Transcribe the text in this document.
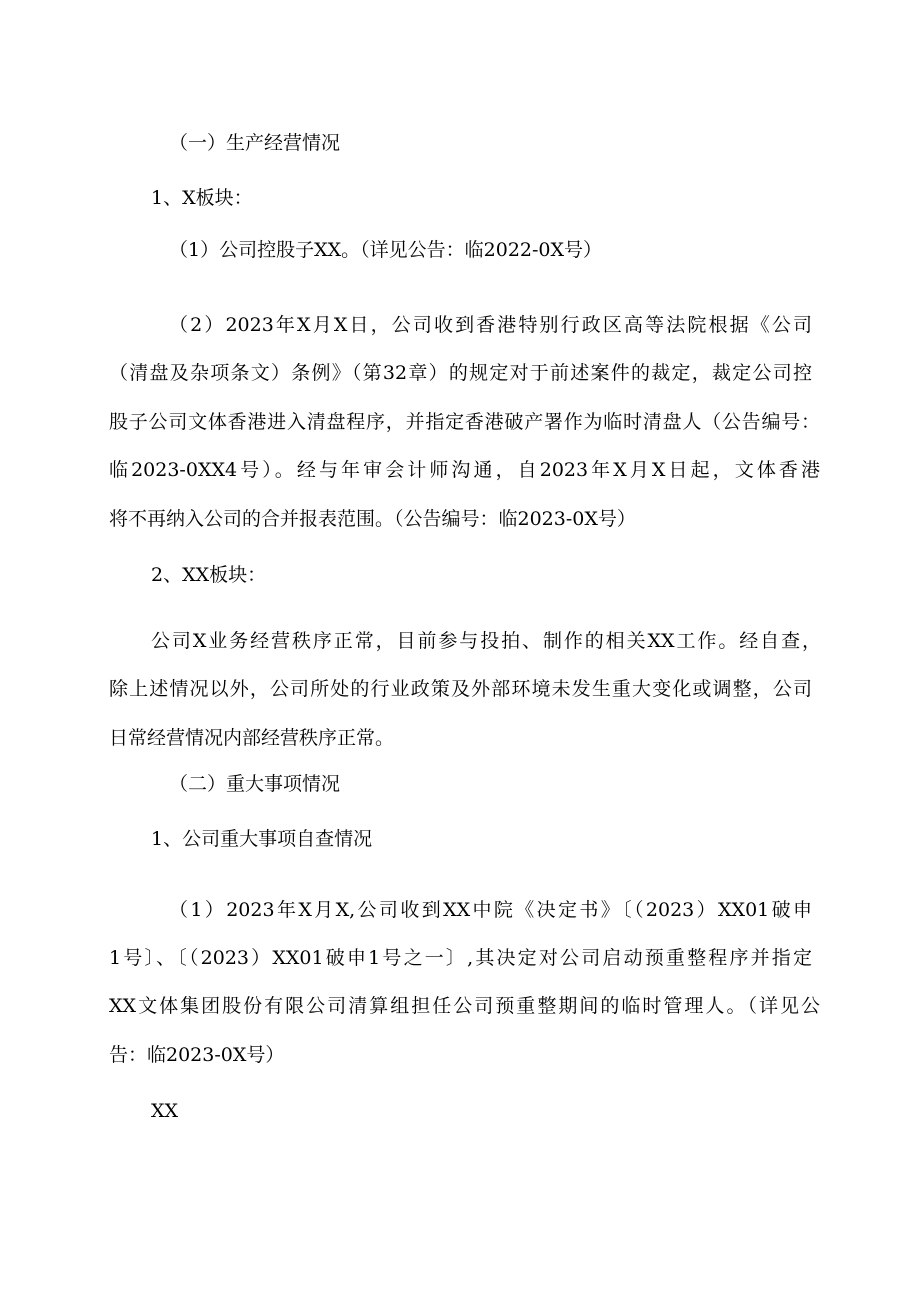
（一）生产经营情况

1、X板块：

（1）公司控股子XX。（详见公告：临2022-0X号）

（2）2023年X月X日，公司收到香港特别行政区高等法院根据《公司

（清盘及杂项条文）条例》（第32章）的规定对于前述案件的裁定，裁定公司控

股子公司文体香港进入清盘程序，并指定香港破产署作为临时清盘人（公告编号：

临2023-0XX4号）。经与年审会计师沟通，自2023年X月X日起，文体香港

将不再纳入公司的合并报表范围。（公告编号：临2023-0X号）

2、XX板块：

公司X业务经营秩序正常，目前参与投拍、制作的相关XX工作。经自查，

除上述情况以外，公司所处的行业政策及外部环境未发生重大变化或调整，公司

日常经营情况内部经营秩序正常。

（二）重大事项情况

1、公司重大事项自查情况

（1）2023年X月X,公司收到XX中院《决定书》〔（2023）XX01破申

1号〕、〔（2023）XX01破申1号之一〕,其决定对公司启动预重整程序并指定

XX文体集团股份有限公司清算组担任公司预重整期间的临时管理人。（详见公

告：临2023-0X号）

XX
